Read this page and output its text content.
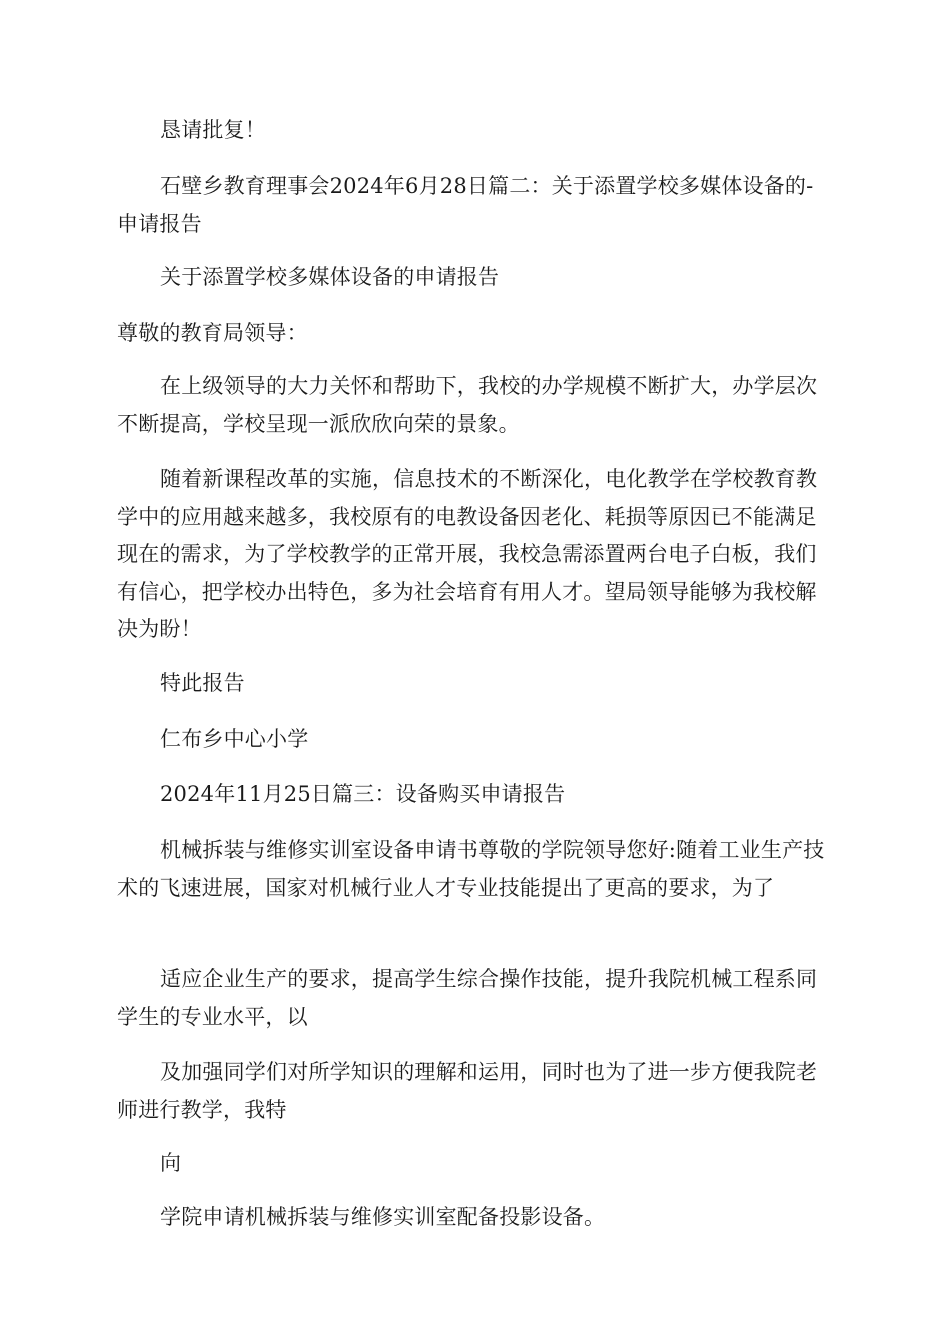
恳请批复！

石壁乡教育理事会2024年6月28日篇二：关于添置学校多媒体设备的-申请报告

关于添置学校多媒体设备的申请报告

尊敬的教育局领导：

在上级领导的大力关怀和帮助下，我校的办学规模不断扩大，办学层次不断提高，学校呈现一派欣欣向荣的景象。

随着新课程改革的实施，信息技术的不断深化，电化教学在学校教育教学中的应用越来越多，我校原有的电教设备因老化、耗损等原因已不能满足现在的需求，为了学校教学的正常开展，我校急需添置两台电子白板，我们有信心，把学校办出特色，多为社会培育有用人才。望局领导能够为我校解决为盼！

特此报告

仁布乡中心小学

2024年11月25日篇三：设备购买申请报告

机械拆装与维修实训室设备申请书尊敬的学院领导您好:随着工业生产技术的飞速进展，国家对机械行业人才专业技能提出了更高的要求，为了

适应企业生产的要求，提高学生综合操作技能，提升我院机械工程系同学生的专业水平，以

及加强同学们对所学知识的理解和运用，同时也为了进一步方便我院老师进行教学，我特

向

学院申请机械拆装与维修实训室配备投影设备。
